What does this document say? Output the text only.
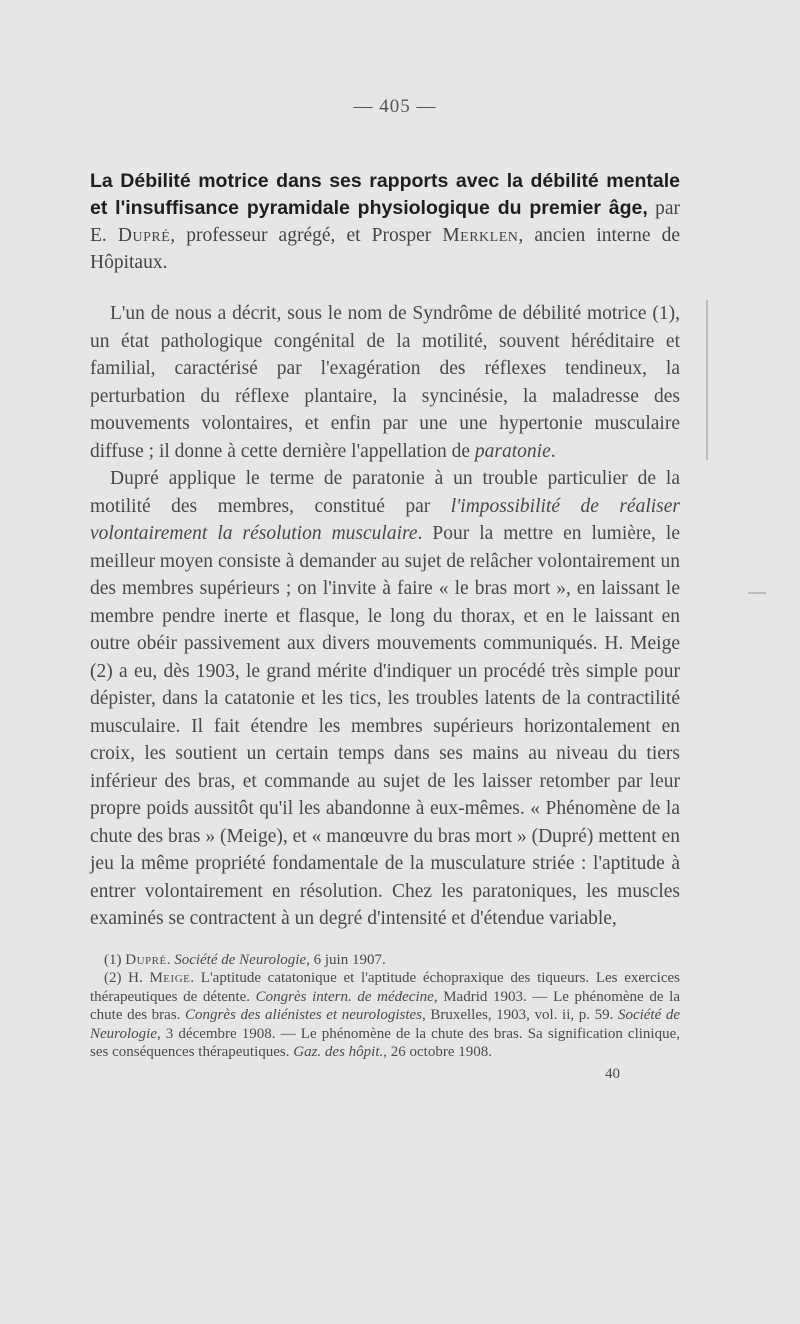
— 405 —
La Débilité motrice dans ses rapports avec la débilité mentale et l'insuffisance pyramidale physiologique du premier âge, par E. Dupré, professeur agrégé, et Prosper Merklen, ancien interne de Hôpitaux.

L'un de nous a décrit, sous le nom de Syndrôme de débilité motrice (1), un état pathologique congénital de la motilité, souvent héréditaire et familial, caractérisé par l'exagération des réflexes tendineux, la perturbation du réflexe plantaire, la syncinésie, la maladresse des mouvements volontaires, et enfin par une une hypertonie musculaire diffuse ; il donne à cette dernière l'appellation de paratonie.

Dupré applique le terme de paratonie à un trouble particulier de la motilité des membres, constitué par l'impossibilité de réaliser volontairement la résolution musculaire. Pour la mettre en lumière, le meilleur moyen consiste à demander au sujet de relâcher volontairement un des membres supérieurs ; on l'invite à faire « le bras mort », en laissant le membre pendre inerte et flasque, le long du thorax, et en le laissant en outre obéir passivement aux divers mouvements communiqués. H. Meige (2) a eu, dès 1903, le grand mérite d'indiquer un procédé très simple pour dépister, dans la catatonie et les tics, les troubles latents de la contractilité musculaire. Il fait étendre les membres supérieurs horizontalement en croix, les soutient un certain temps dans ses mains au niveau du tiers inférieur des bras, et commande au sujet de les laisser retomber par leur propre poids aussitôt qu'il les abandonne à eux-mêmes. « Phénomène de la chute des bras » (Meige), et « manœuvre du bras mort » (Dupré) mettent en jeu la même propriété fondamentale de la musculature striée : l'aptitude à entrer volontairement en résolution. Chez les paratoniques, les muscles examinés se contractent à un degré d'intensité et d'étendue variable,

(1) Dupré. Société de Neurologie, 6 juin 1907.

(2) H. Meige. L'aptitude catatonique et l'aptitude échopraxique des tiqueurs. Les exercices thérapeutiques de détente. Congrès intern. de médecine, Madrid 1903. — Le phénomène de la chute des bras. Congrès des aliénistes et neurologistes, Bruxelles, 1903, vol. ii, p. 59. Société de Neurologie, 3 décembre 1908. — Le phénomène de la chute des bras. Sa signification clinique, ses conséquences thérapeutiques. Gaz. des hôpit., 26 octobre 1908.

40
